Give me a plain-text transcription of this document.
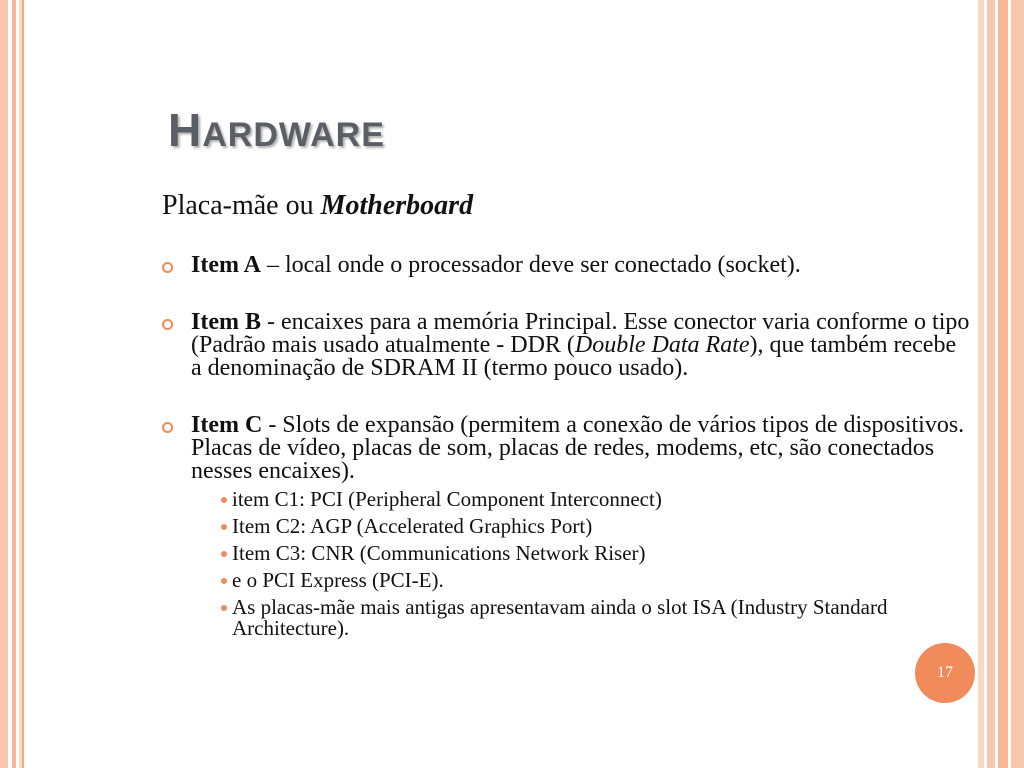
HARDWARE
Placa-mãe ou Motherboard
Item A – local onde o processador deve ser conectado (socket).
Item B - encaixes para a memória Principal. Esse conector varia conforme o tipo (Padrão mais usado atualmente - DDR (Double Data Rate), que também recebe a denominação de SDRAM II (termo pouco usado).
Item C - Slots de expansão (permitem a conexão de vários tipos de dispositivos. Placas de vídeo, placas de som, placas de redes, modems, etc, são conectados nesses encaixes).
item C1: PCI (Peripheral Component Interconnect)
Item C2: AGP (Accelerated Graphics Port)
Item C3: CNR (Communications Network Riser)
e o PCI Express (PCI-E).
As placas-mãe mais antigas apresentavam ainda o slot ISA (Industry Standard Architecture).
17
